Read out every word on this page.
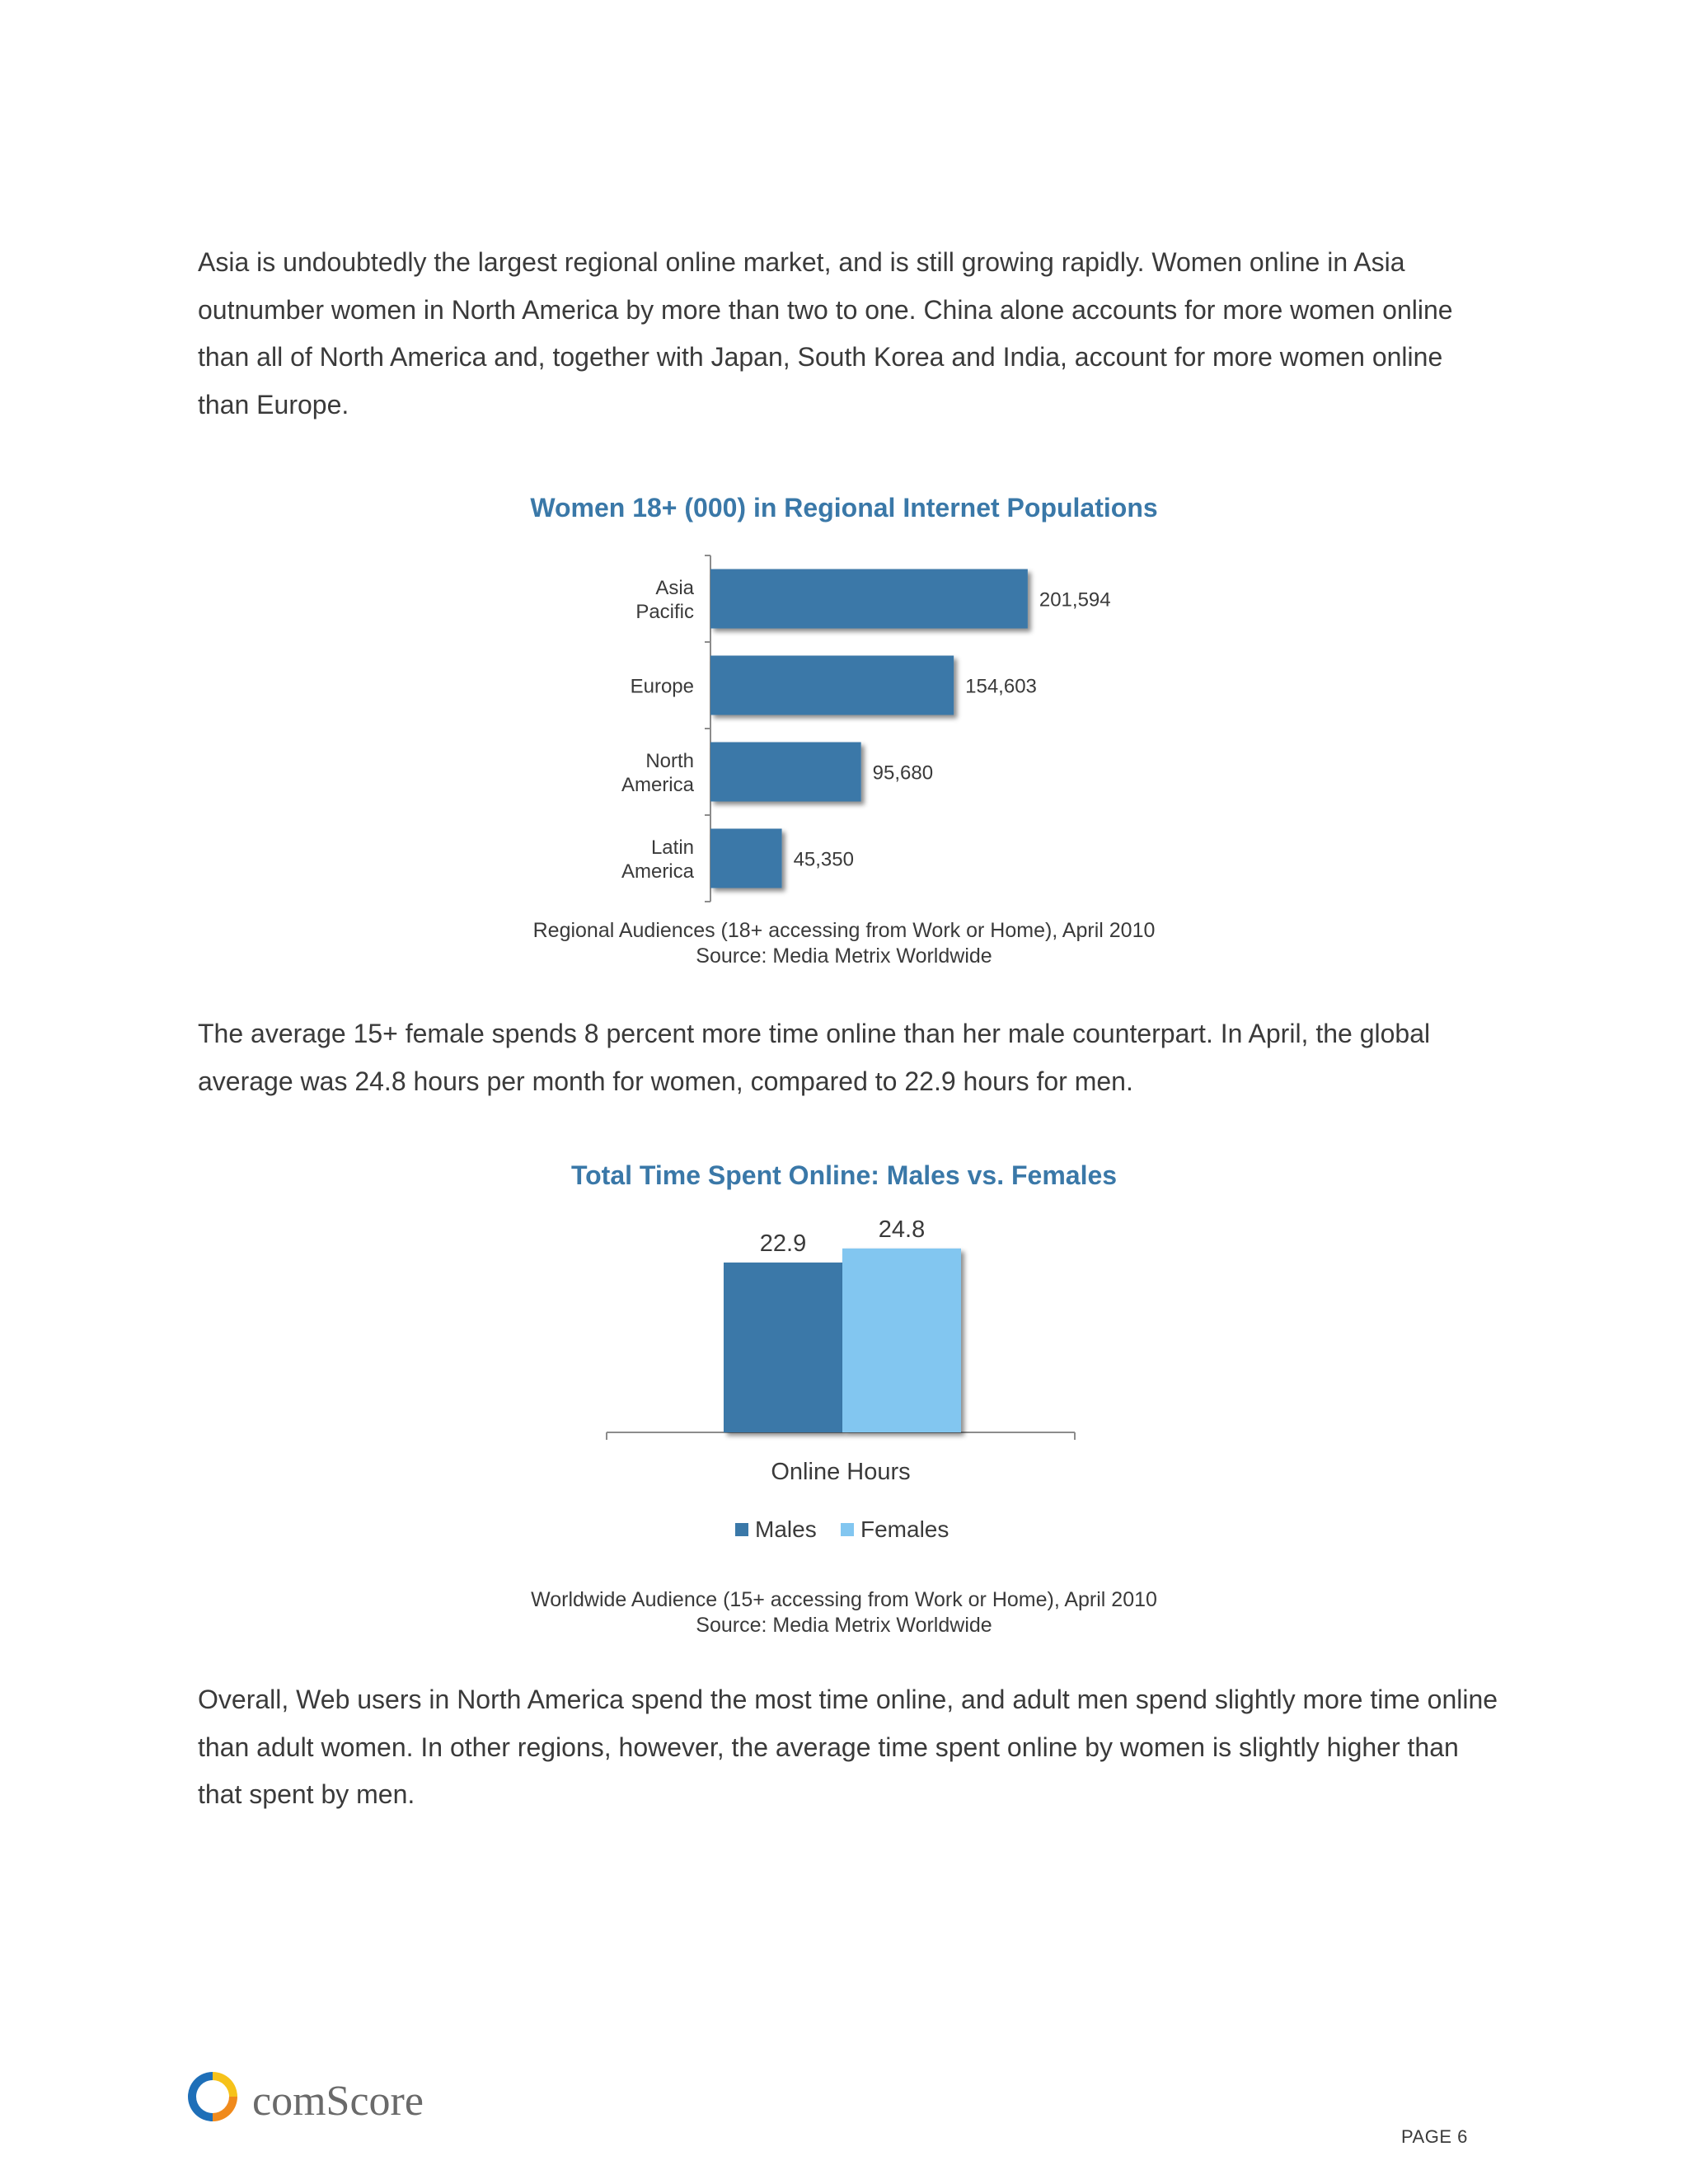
Asia is undoubtedly the largest regional online market, and is still growing rapidly. Women online in Asia outnumber women in North America by more than two to one. China alone accounts for more women online than all of North America and, together with Japan, South Korea and India, account for more women online than Europe.

Women 18+ (000) in Regional Internet Populations
201,594
Asia
Pacific
154,603
Europe
95,680
North
America
45,350
Latin
America
Regional Audiences (18+ accessing from Work or Home), April 2010
Source: Media Metrix Worldwide

The average 15+ female spends 8 percent more time online than her male counterpart. In April, the global average was 24.8 hours per month for women, compared to 22.9 hours for men.

Total Time Spent Online: Males vs. Females
22.9
24.8
Online Hours
Males Females
Worldwide Audience (15+ accessing from Work or Home), April 2010
Source: Media Metrix Worldwide

Overall, Web users in North America spend the most time online, and adult men spend slightly more time online than adult women. In other regions, however, the average time spent online by women is slightly higher than that spent by men.

comScore
PAGE 6
